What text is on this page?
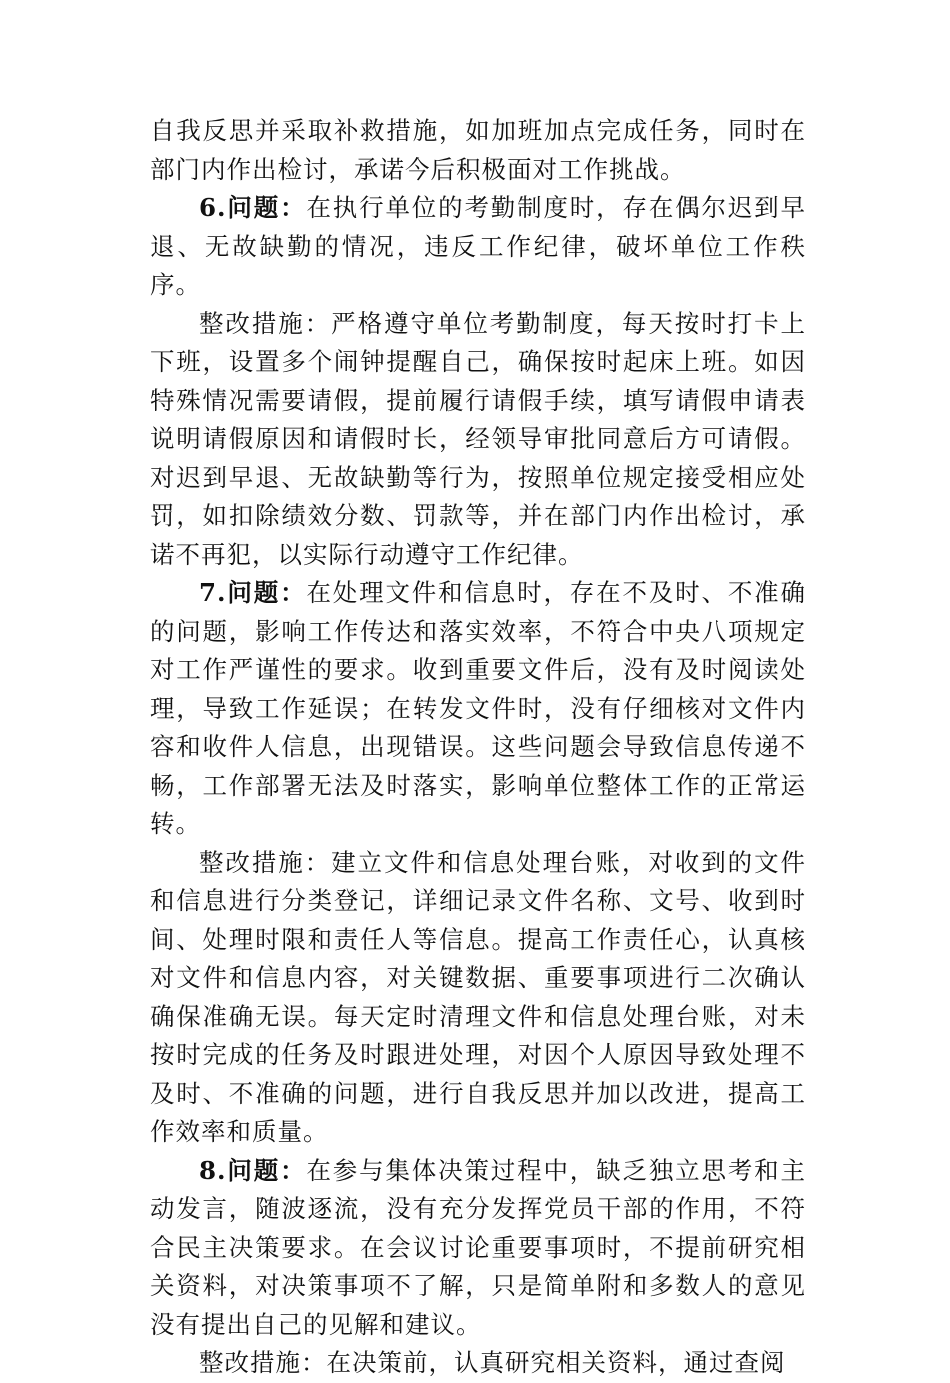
自我反思并采取补救措施，如加班加点完成任务，同时在部门内作出检讨，承诺今后积极面对工作挑战。

6.问题：在执行单位的考勤制度时，存在偶尔迟到早退、无故缺勤的情况，违反工作纪律，破坏单位工作秩序。

整改措施：严格遵守单位考勤制度，每天按时打卡上下班，设置多个闹钟提醒自己，确保按时起床上班。如因特殊情况需要请假，提前履行请假手续，填写请假申请表说明请假原因和请假时长，经领导审批同意后方可请假。对迟到早退、无故缺勤等行为，按照单位规定接受相应处罚，如扣除绩效分数、罚款等，并在部门内作出检讨，承诺不再犯，以实际行动遵守工作纪律。

7.问题：在处理文件和信息时，存在不及时、不准确的问题，影响工作传达和落实效率，不符合中央八项规定对工作严谨性的要求。收到重要文件后，没有及时阅读处理，导致工作延误；在转发文件时，没有仔细核对文件内容和收件人信息，出现错误。这些问题会导致信息传递不畅，工作部署无法及时落实，影响单位整体工作的正常运转。

整改措施：建立文件和信息处理台账，对收到的文件和信息进行分类登记，详细记录文件名称、文号、收到时间、处理时限和责任人等信息。提高工作责任心，认真核对文件和信息内容，对关键数据、重要事项进行二次确认确保准确无误。每天定时清理文件和信息处理台账，对未按时完成的任务及时跟进处理，对因个人原因导致处理不及时、不准确的问题，进行自我反思并加以改进，提高工作效率和质量。

8.问题：在参与集体决策过程中，缺乏独立思考和主动发言，随波逐流，没有充分发挥党员干部的作用，不符合民主决策要求。在会议讨论重要事项时，不提前研究相关资料，对决策事项不了解，只是简单附和多数人的意见没有提出自己的见解和建议。

整改措施：在决策前，认真研究相关资料，通过查阅
